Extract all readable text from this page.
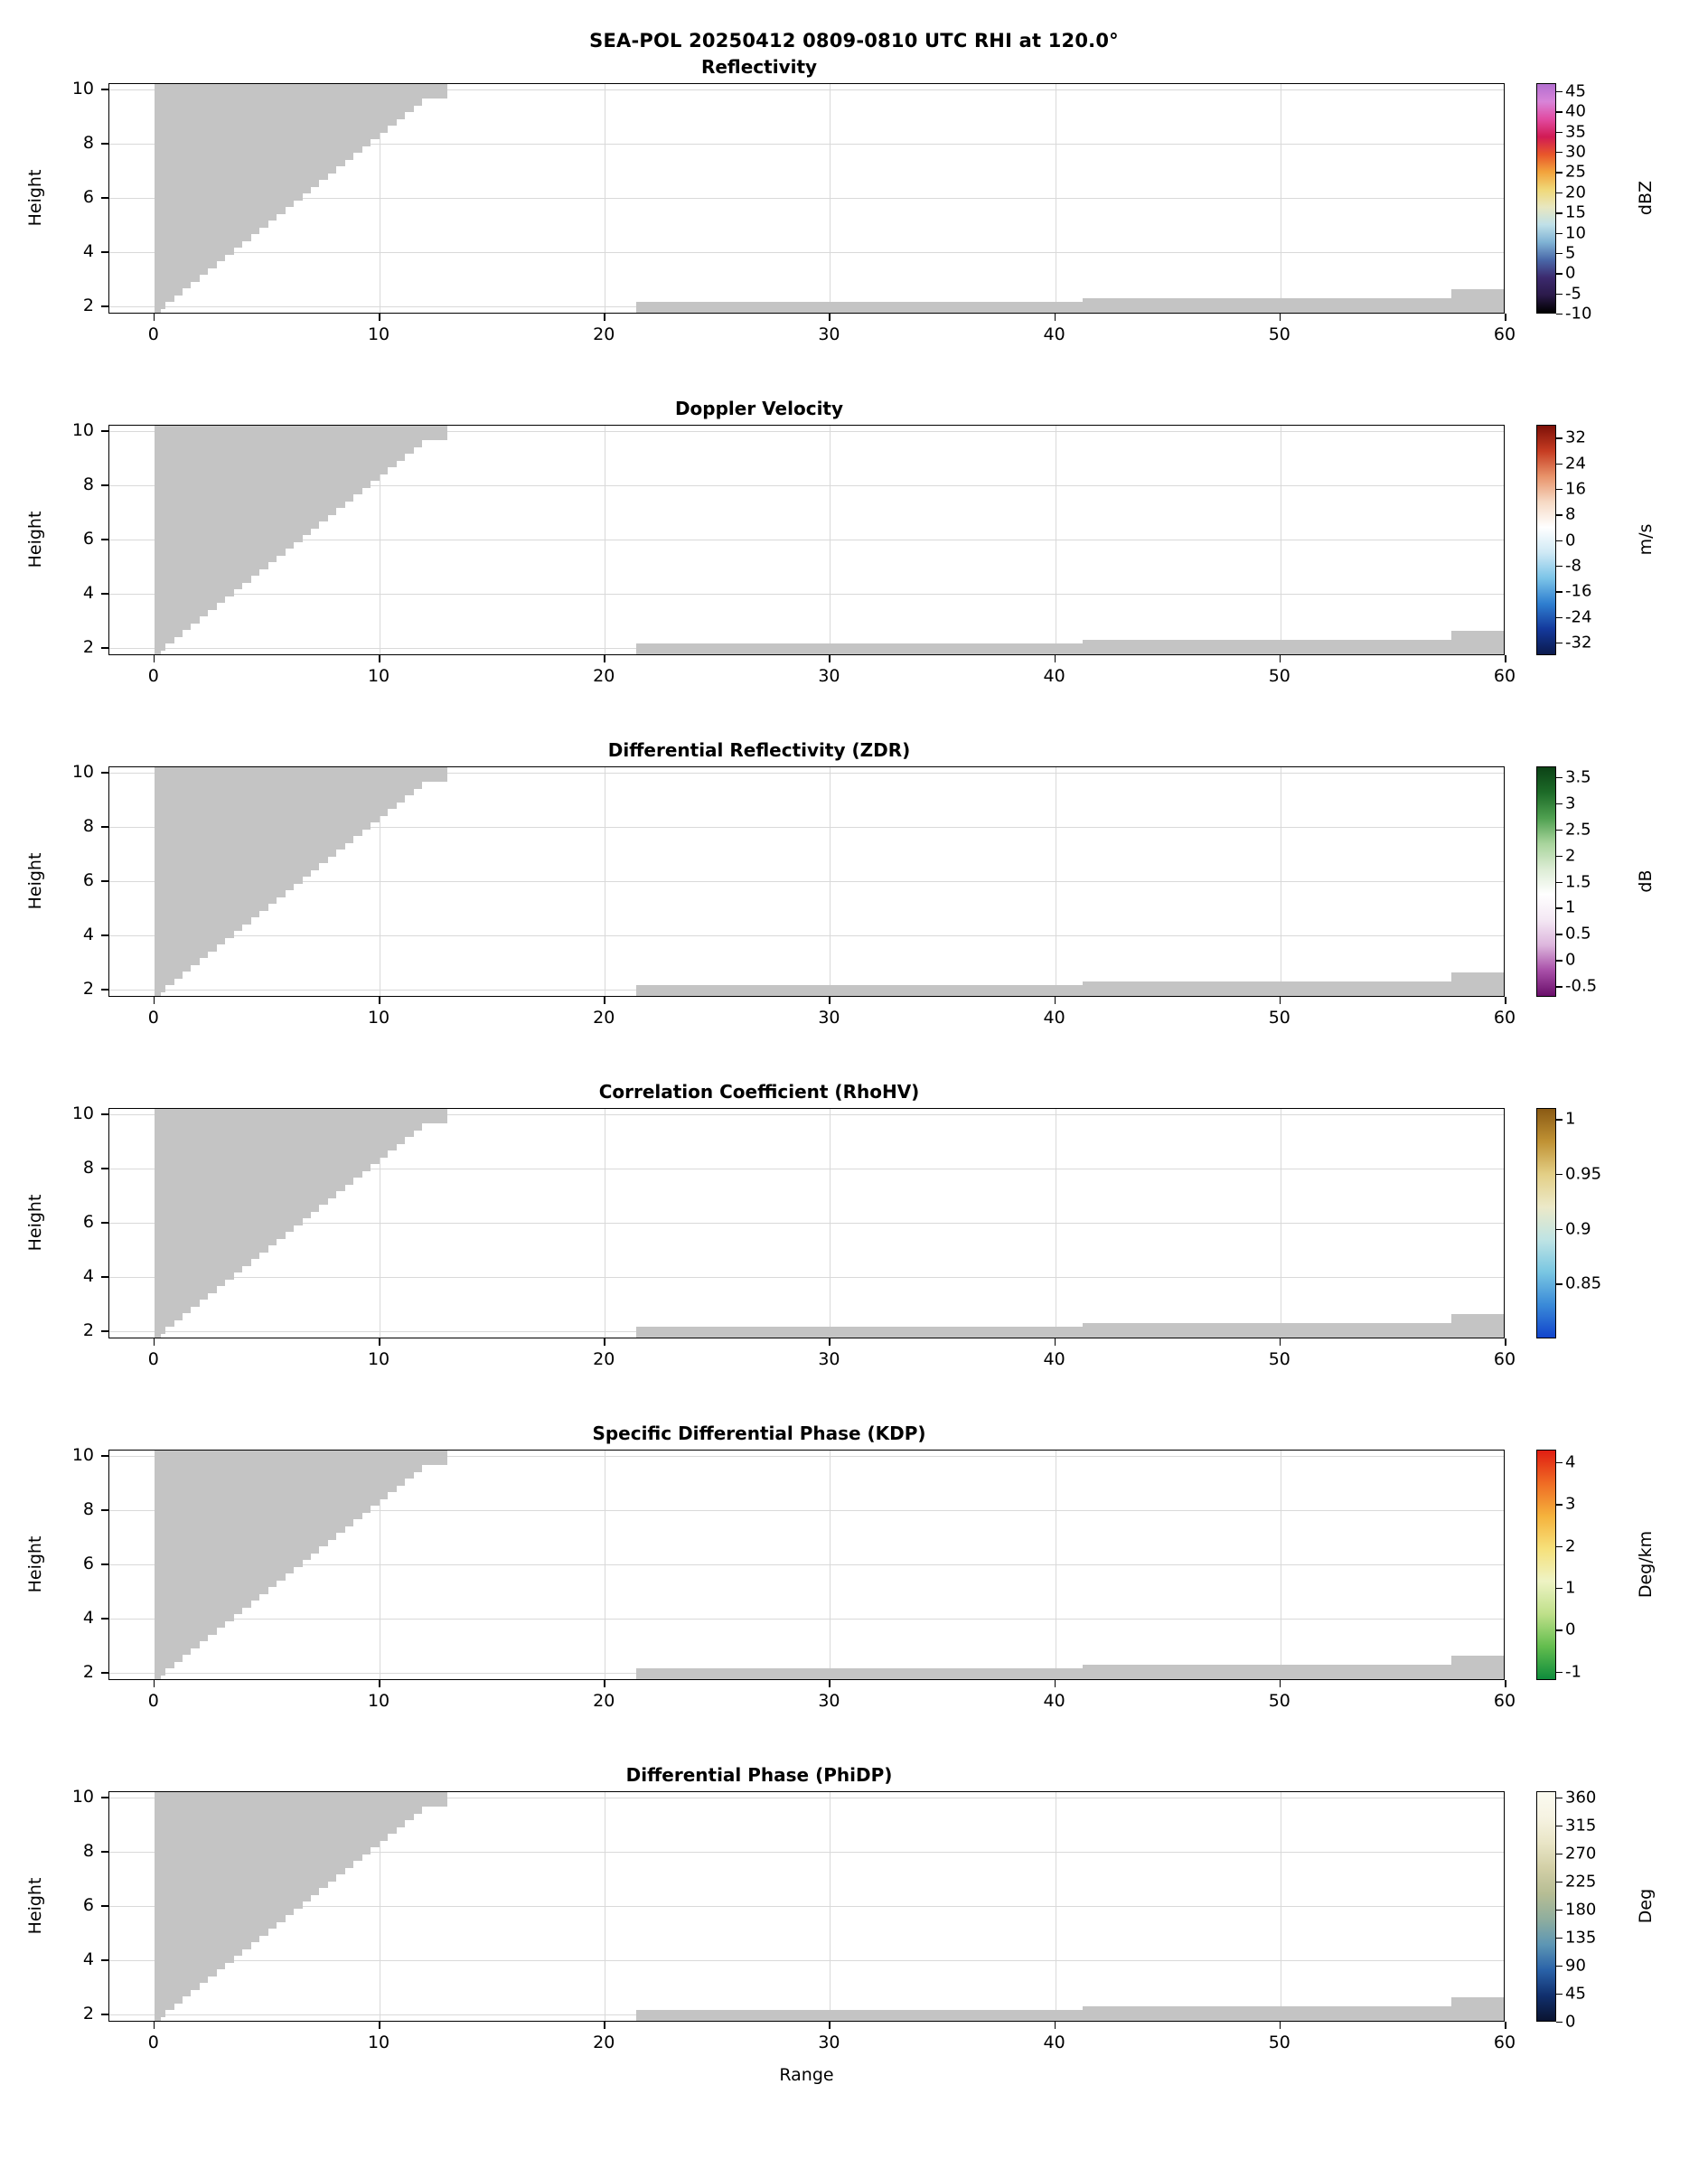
SEA-POL 20250412 0809-0810 UTC RHI at 120.0°
Reflectivity
0	10	20	30	40	50	60
2
4
6
8
10
Height
-10
-5
0
5
10
15
20
25
30
35
40
45
dBZ
Doppler Velocity
0	10	20	30	40	50	60
2
4
6
8
10
Height
-32
-24
-16
-8
0
8
16
24
32
m/s
Differential Reflectivity (ZDR)
0	10	20	30	40	50	60
2
4
6
8
10
Height
-0.5
0
0.5
1
1.5
2
2.5
3
3.5
dB
Correlation Coefficient (RhoHV)
0	10	20	30	40	50	60
2
4
6
8
10
Height
0.85
0.9
0.95
1
Specific Differential Phase (KDP)
0	10	20	30	40	50	60
2
4
6
8
10
Height
-1
0
1
2
3
4
Deg/km
Differential Phase (PhiDP)
0	10	20	30	40	50	60
2
4
6
8
10
Height
0
45
90
135
180
225
270
315
360
Deg
Range
